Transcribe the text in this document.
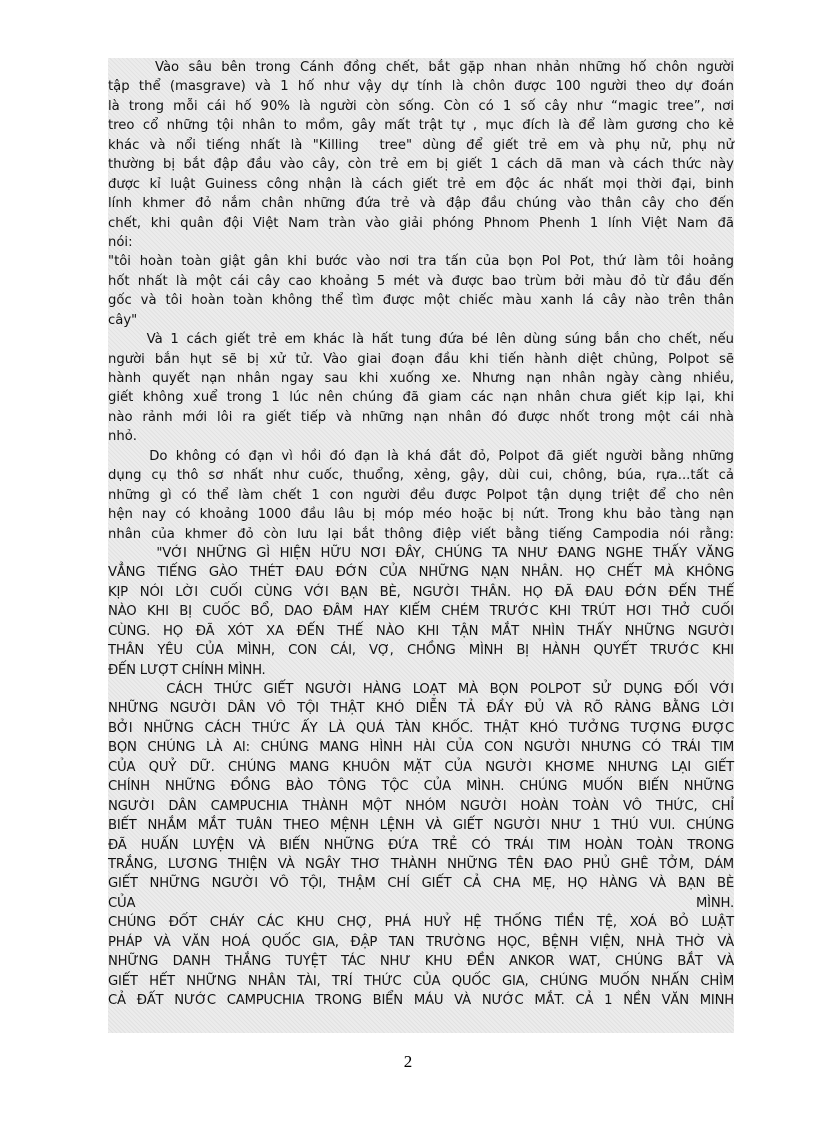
Vào sâu bên trong Cánh đồng chết, bắt gặp nhan nhản những hố chôn người
tập thể (masgrave) và 1 hố như vậy dự tính là chôn được 100 người theo dự đoán
là trong mỗi cái hố 90% là người còn sống. Còn có 1 số cây như “magic tree”, nơi
treo cổ những tội nhân to mồm, gây mất trật tự , mục đích là để làm gương cho kẻ
khác và nổi tiếng nhất là "Killing  tree" dùng để giết trẻ em và phụ nử, phụ nử
thường bị bắt đập đầu vào cây, còn trẻ em bị giết 1 cách dã man và cách thức này
được kỉ luật Guiness công nhận là cách giết trẻ em độc ác nhất mọi thời đại, binh
lính khmer đỏ nắm chân những đứa trẻ và đập đầu chúng vào thân cây cho đến
chết, khi quân đội Việt Nam tràn vào giải phóng Phnom Phenh 1 lính Việt Nam đã
nói:
"tôi hoàn toàn giật gân khi bước vào nơi tra tấn của bọn Pol Pot, thứ làm tôi hoảng
hốt nhất là một cái cây cao khoảng 5 mét và được bao trùm bởi màu đỏ từ đầu đến
gốc và tôi hoàn toàn không thể tìm được một chiếc màu xanh lá cây nào trên thân
cây"
Và 1 cách giết trẻ em khác là hất tung đứa bé lên dùng súng bắn cho chết, nếu
người bắn hụt sẽ bị xử tử. Vào giai đoạn đầu khi tiến hành diệt chủng, Polpot sẽ
hành quyết nạn nhân ngay sau khi xuống xe. Nhưng nạn nhân ngày càng nhiều,
giết không xuể trong 1 lúc nên chúng đã giam các nạn nhân chưa giết kịp lại, khi
nào rảnh mới lôi ra giết tiếp và những nạn nhân đó được nhốt trong một cái nhà
nhỏ.
Do không có đạn vì hồi đó đạn là khá đắt đỏ, Polpot đã giết người bằng những
dụng cụ thô sơ nhất như cuốc, thuổng, xẻng, gậy, dùi cui, chông, búa, rựa...tất cả
những gì có thể làm chết 1 con người đều được Polpot tận dụng triệt để cho nên
hện nay có khoảng 1000 đầu lâu bị móp méo hoặc bị nứt. Trong khu bảo tàng nạn
nhân của khmer đỏ còn lưu lại bắt thông điệp viết bằng tiếng Campodia nói rằng:
"VỚI NHỮNG GÌ HIỆN HỮU NƠI ĐÂY, CHÚNG TA NHƯ ĐANG NGHE THẤY VĂNG
VẲNG TIẾNG GÀO THÉT ĐAU ĐỚN CỦA NHỮNG NẠN NHÂN. HỌ CHẾT MÀ KHÔNG
KỊP NÓI LỜI CUỐI CÙNG VỚI BẠN BÈ, NGƯỜI THÂN. HỌ ĐÃ ĐAU ĐỚN ĐẾN THẾ
NÀO KHI BỊ CUỐC BỔ, DAO ĐÂM HAY KIẾM CHÉM TRƯỚC KHI TRÚT HƠI THỞ CUỐI
CÙNG. HỌ ĐÃ XÓT XA ĐẾN THẾ NÀO KHI TẬN MẮT NHÌN THẤY NHỮNG NGƯỜI
THÂN YÊU CỦA MÌNH, CON CÁI, VỢ, CHỒNG MÌNH BỊ HÀNH QUYẾT TRƯỚC KHI
ĐẾN LƯỢT CHÍNH MÌNH.
CÁCH THỨC GIẾT NGƯỜI HÀNG LOẠT MÀ BỌN POLPOT SỬ DỤNG ĐỐI VỚI
NHỮNG NGƯỜI DÂN VÔ TỘI THẬT KHÓ DIỄN TẢ ĐẦY ĐỦ VÀ RÕ RÀNG BẰNG LỜI
BỞI NHỮNG CÁCH THỨC ẤY LÀ QUÁ TÀN KHỐC. THẬT KHÓ TƯỞNG TƯỢNG ĐƯỢC
BỌN CHÚNG LÀ AI: CHÚNG MANG HÌNH HÀI CỦA CON NGƯỜI NHƯNG CÓ TRÁI TIM
CỦA QUỶ DỮ. CHÚNG MANG KHUÔN MẶT CỦA NGƯỜI KHƠME NHƯNG LẠI GIẾT
CHÍNH NHỮNG ĐỒNG BÀO TÔNG TỘC CỦA MÌNH. CHÚNG MUỐN BIẾN NHỮNG
NGƯỜI DÂN CAMPUCHIA THÀNH MỘT NHÓM NGƯỜI HOÀN TOÀN VÔ THỨC, CHỈ
BIẾT NHẮM MẮT TUÂN THEO MỆNH LỆNH VÀ GIẾT NGƯỜI NHƯ 1 THÚ VUI. CHÚNG
ĐÃ HUẤN LUYỆN VÀ BIẾN NHỮNG ĐỨA TRẺ CÓ TRÁI TIM HOÀN TOÀN TRONG
TRẮNG, LƯƠNG THIỆN VÀ NGÂY THƠ THÀNH NHỮNG TÊN ĐAO PHỦ GHÊ TỞM, DÁM
GIẾT NHỮNG NGƯỜI VÔ TỘI, THẬM CHÍ GIẾT CẢ CHA MẸ, HỌ HÀNG VÀ BẠN BÈ
CỦA                                                                                                    MÌNH.
CHÚNG ĐỐT CHÁY CÁC KHU CHỢ, PHÁ HUỶ HỆ THỐNG TIỀN TỆ, XOÁ BỎ LUẬT
PHÁP VÀ VĂN HOÁ QUỐC GIA, ĐẬP TAN TRƯỜNG HỌC, BỆNH VIỆN, NHÀ THỜ VÀ
NHỮNG DANH THẮNG TUYỆT TÁC NHƯ KHU ĐỀN ANKOR WAT, CHÚNG BẮT VÀ
GIẾT HẾT NHỮNG NHÂN TÀI, TRÍ THỨC CỦA QUỐC GIA, CHÚNG MUỐN NHẤN CHÌM
CẢ ĐẤT NƯỚC CAMPUCHIA TRONG BIỂN MÁU VÀ NƯỚC MẮT. CẢ 1 NỀN VĂN MINH
2
